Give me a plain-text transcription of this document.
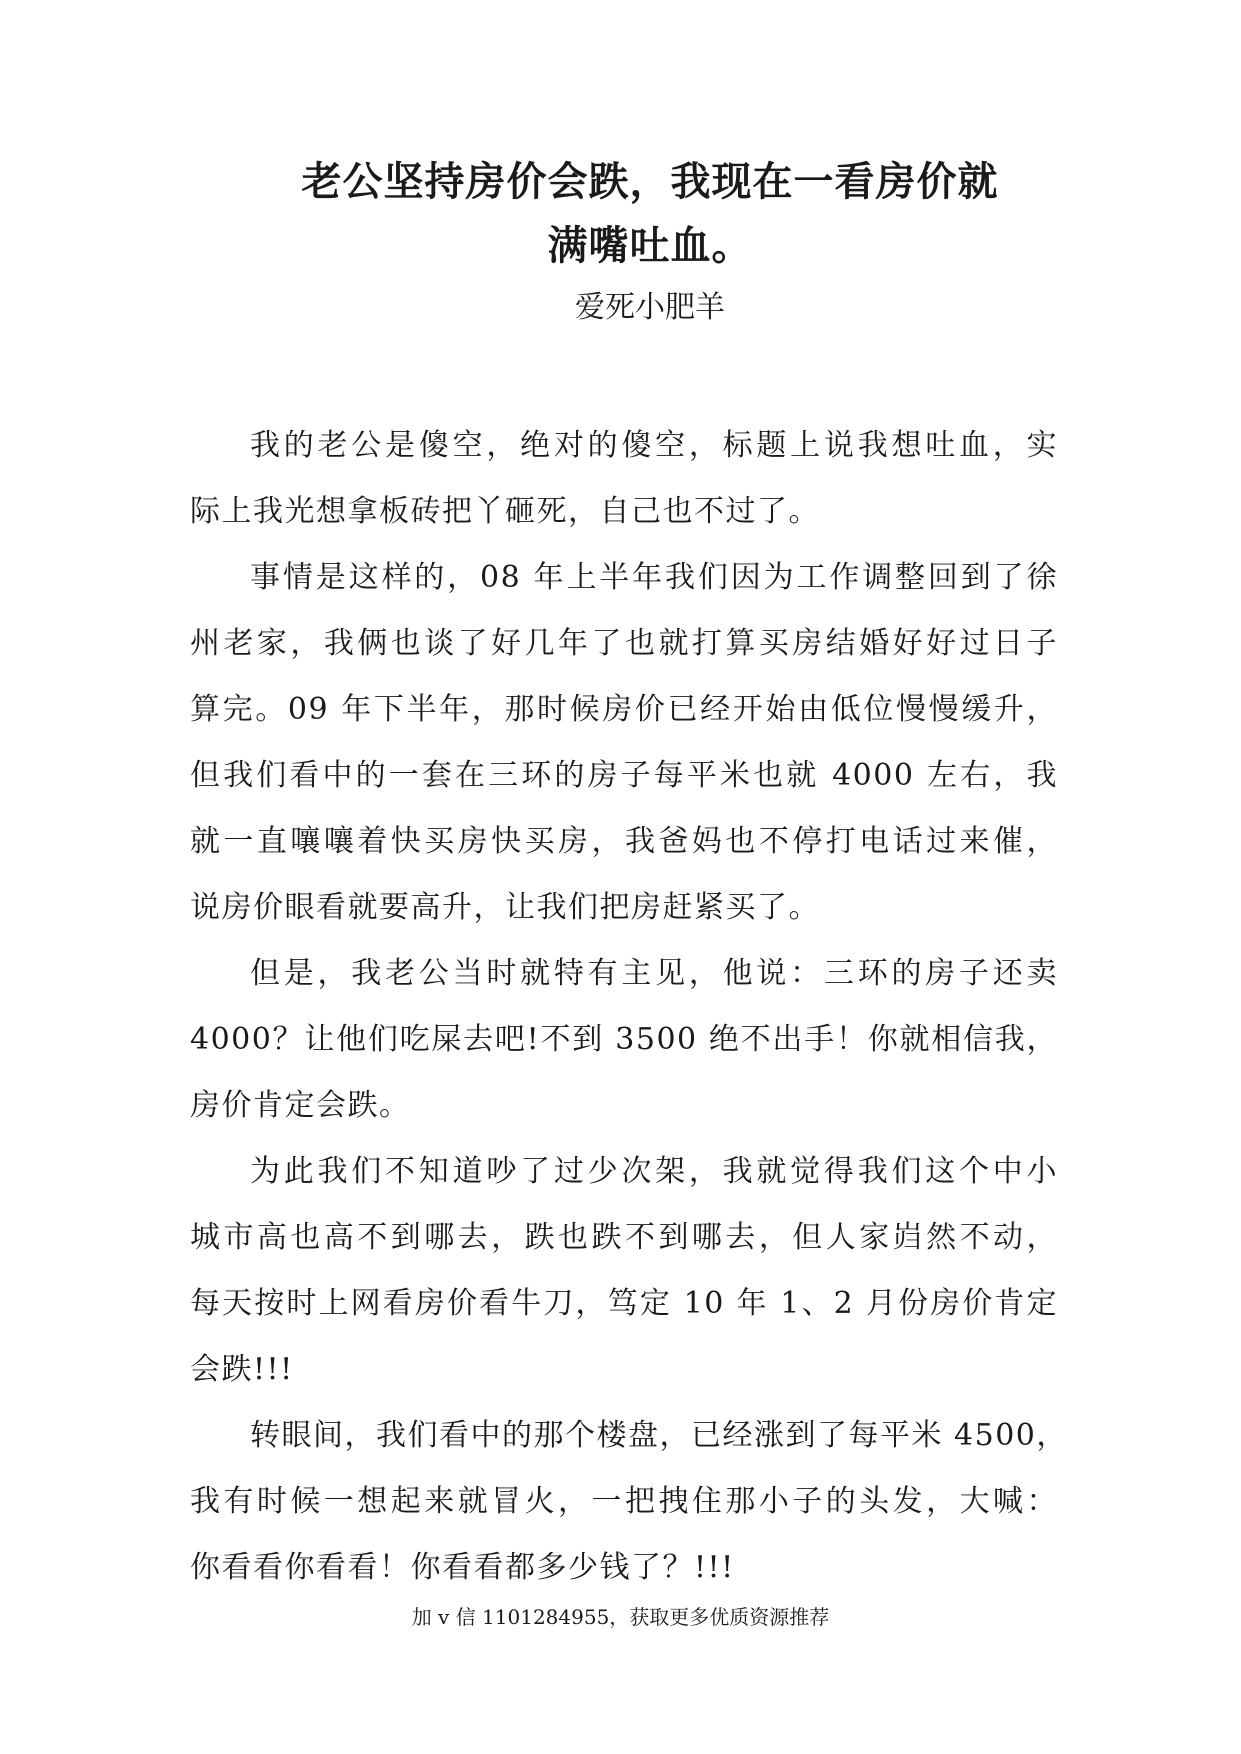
老公坚持房价会跌，我现在一看房价就
满嘴吐血。

爱死小肥羊

我的老公是傻空，绝对的傻空，标题上说我想吐血，实
际上我光想拿板砖把丫砸死，自己也不过了。
事情是这样的，08 年上半年我们因为工作调整回到了徐
州老家，我俩也谈了好几年了也就打算买房结婚好好过日子
算完。09 年下半年，那时候房价已经开始由低位慢慢缓升，
但我们看中的一套在三环的房子每平米也就 4000 左右，我
就一直嚷嚷着快买房快买房，我爸妈也不停打电话过来催，
说房价眼看就要高升，让我们把房赶紧买了。
但是，我老公当时就特有主见，他说：三环的房子还卖
4000？让他们吃屎去吧!不到 3500 绝不出手！你就相信我，
房价肯定会跌。
为此我们不知道吵了过少次架，我就觉得我们这个中小
城市高也高不到哪去，跌也跌不到哪去，但人家岿然不动，
每天按时上网看房价看牛刀，笃定 10 年 1、2 月份房价肯定
会跌!!!
转眼间，我们看中的那个楼盘，已经涨到了每平米 4500，
我有时候一想起来就冒火，一把拽住那小子的头发，大喊：
你看看你看看！你看看都多少钱了？!!!

加 v 信 1101284955，获取更多优质资源推荐
